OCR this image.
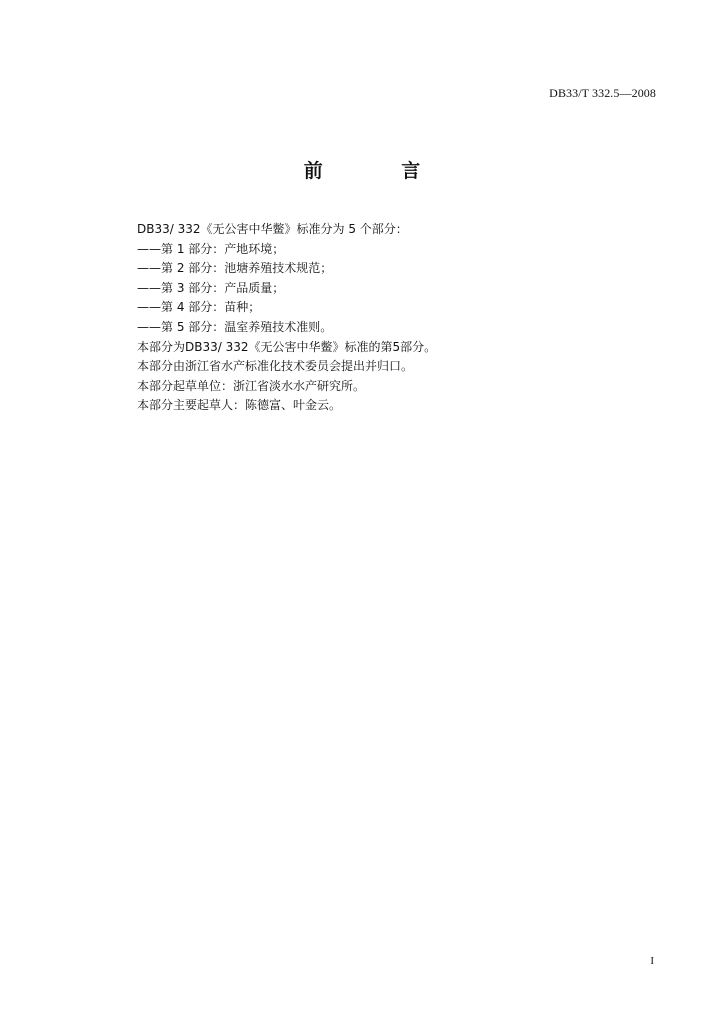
DB33/T 332.5—2008
前 言
DB33/ 332《无公害中华鳖》标准分为 5 个部分：
——第 1 部分：产地环境；
——第 2 部分：池塘养殖技术规范；
——第 3 部分：产品质量；
——第 4 部分：苗种；
——第 5 部分：温室养殖技术准则。
本部分为DB33/ 332《无公害中华鳖》标准的第5部分。
本部分由浙江省水产标准化技术委员会提出并归口。
本部分起草单位：浙江省淡水水产研究所。
本部分主要起草人：陈德富、叶金云。
I
